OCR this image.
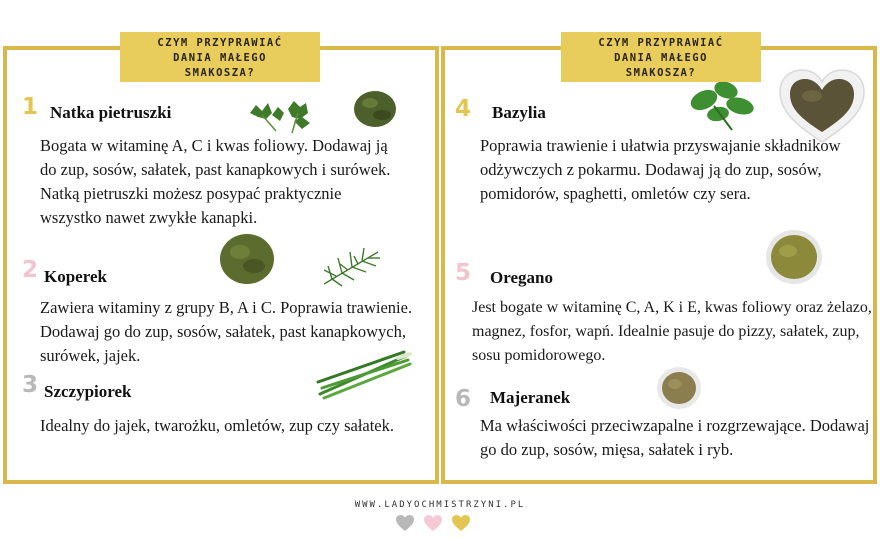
CZYM PRZYPRAWIAĆ
DANIA MAŁEGO
SMAKOSZA?
CZYM PRZYPRAWIAĆ
DANIA MAŁEGO
SMAKOSZA?
1 Natka pietruszki
Bogata w witaminę A, C i kwas foliowy. Dodawaj ją do zup, sosów, sałatek, past kanapkowych i surówek. Natką pietruszki możesz posypać praktycznie wszystko nawet zwykłe kanapki.
2 Koperek
Zawiera witaminy z grupy B, A i C. Poprawia trawienie. Dodawaj go do zup, sosów, sałatek, past kanapkowych, surówek, jajek.
3 Szczypiorek
Idealny do jajek, twarożku, omletów, zup czy sałatek.
4 Bazylia
Poprawia trawienie i ułatwia przyswajanie składników odżywczych z pokarmu. Dodawaj ją do zup, sosów, pomidorów, spaghetti, omletów czy sera.
5 Oregano
Jest bogate w witaminę C, A, K i E, kwas foliowy oraz żelazo, magnez, fosfor, wapń. Idealnie pasuje do pizzy, sałatek, zup, sosu pomidorowego.
6 Majeranek
Ma właściwości przeciwzapalne i rozgrzewające. Dodawaj go do zup, sosów, mięsa, sałatek i ryb.
WWW.LADYOCHMISTRZYNI.PL
